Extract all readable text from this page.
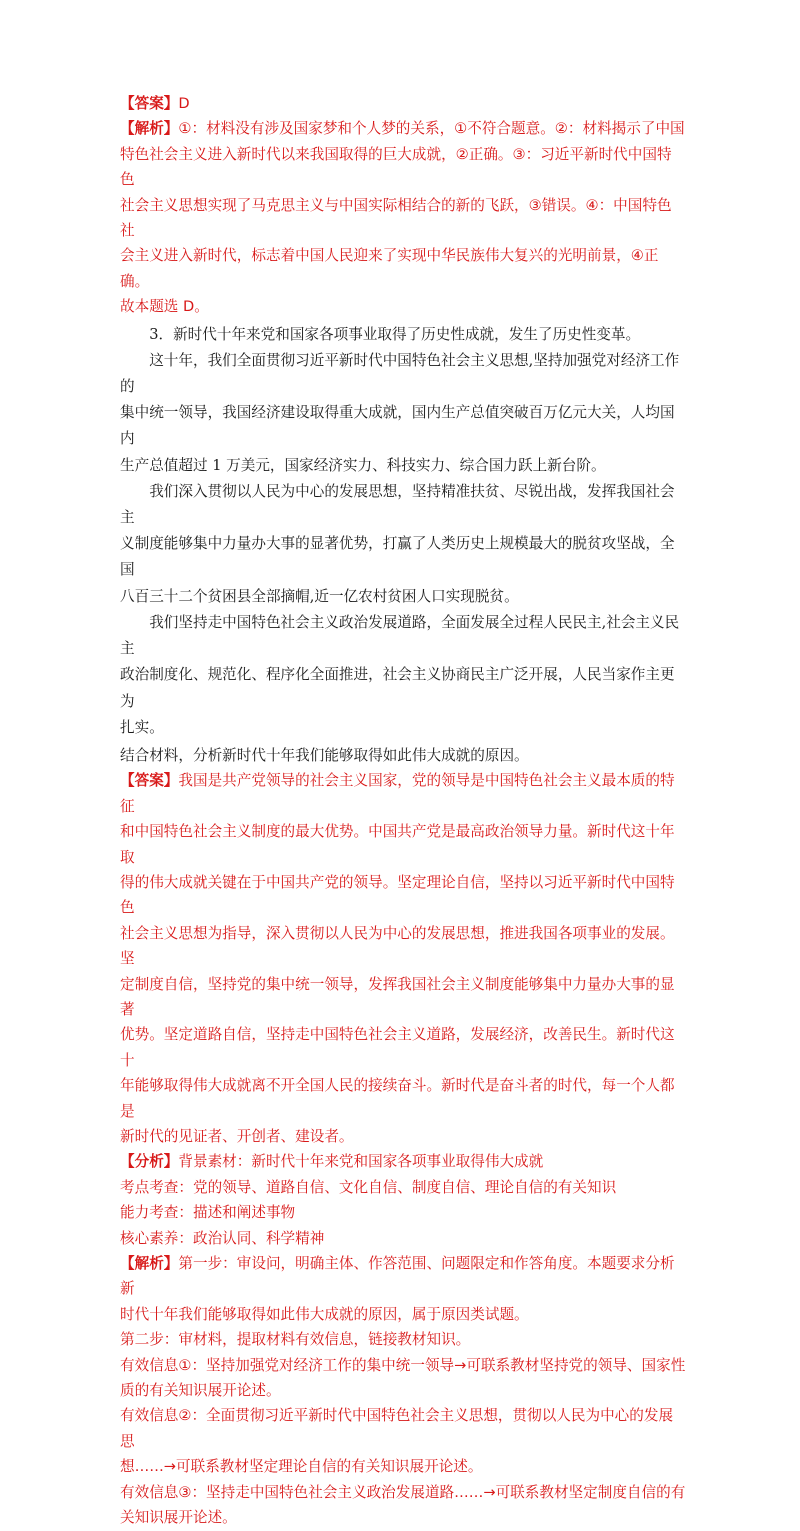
【答案】D

【解析】①：材料没有涉及国家梦和个人梦的关系，①不符合题意。②：材料揭示了中国

特色社会主义进入新时代以来我国取得的巨大成就，②正确。③：习近平新时代中国特色

社会主义思想实现了马克思主义与中国实际相结合的新的飞跃，③错误。④：中国特色社

会主义进入新时代，标志着中国人民迎来了实现中华民族伟大复兴的光明前景，④正确。

故本题选 D。

3．新时代十年来党和国家各项事业取得了历史性成就，发生了历史性变革。

这十年，我们全面贯彻习近平新时代中国特色社会主义思想,坚持加强党对经济工作的

集中统一领导，我国经济建设取得重大成就，国内生产总值突破百万亿元大关，人均国内

生产总值超过 1 万美元，国家经济实力、科技实力、综合国力跃上新台阶。

我们深入贯彻以人民为中心的发展思想，坚持精准扶贫、尽锐出战，发挥我国社会主

义制度能够集中力量办大事的显著优势，打赢了人类历史上规模最大的脱贫攻坚战，全国

八百三十二个贫困县全部摘帽,近一亿农村贫困人口实现脱贫。

我们坚持走中国特色社会主义政治发展道路，全面发展全过程人民民主,社会主义民主

政治制度化、规范化、程序化全面推进，社会主义协商民主广泛开展，人民当家作主更为

扎实。

结合材料，分析新时代十年我们能够取得如此伟大成就的原因。

【答案】我国是共产党领导的社会主义国家，党的领导是中国特色社会主义最本质的特征

和中国特色社会主义制度的最大优势。中国共产党是最高政治领导力量。新时代这十年取

得的伟大成就关键在于中国共产党的领导。坚定理论自信，坚持以习近平新时代中国特色

社会主义思想为指导，深入贯彻以人民为中心的发展思想，推进我国各项事业的发展。坚

定制度自信，坚持党的集中统一领导，发挥我国社会主义制度能够集中力量办大事的显著

优势。坚定道路自信，坚持走中国特色社会主义道路，发展经济，改善民生。新时代这十

年能够取得伟大成就离不开全国人民的接续奋斗。新时代是奋斗者的时代，每一个人都是

新时代的见证者、开创者、建设者。

【分析】背景素材：新时代十年来党和国家各项事业取得伟大成就

考点考查：党的领导、道路自信、文化自信、制度自信、理论自信的有关知识

能力考查：描述和阐述事物

核心素养：政治认同、科学精神

【解析】第一步：审设问，明确主体、作答范围、问题限定和作答角度。本题要求分析新

时代十年我们能够取得如此伟大成就的原因，属于原因类试题。

第二步：审材料，提取材料有效信息，链接教材知识。

有效信息①：坚持加强党对经济工作的集中统一领导→可联系教材坚持党的领导、国家性

质的有关知识展开论述。

有效信息②：全面贯彻习近平新时代中国特色社会主义思想，贯彻以人民为中心的发展思

想……→可联系教材坚定理论自信的有关知识展开论述。

有效信息③：坚持走中国特色社会主义政治发展道路……→可联系教材坚定制度自信的有

关知识展开论述。
